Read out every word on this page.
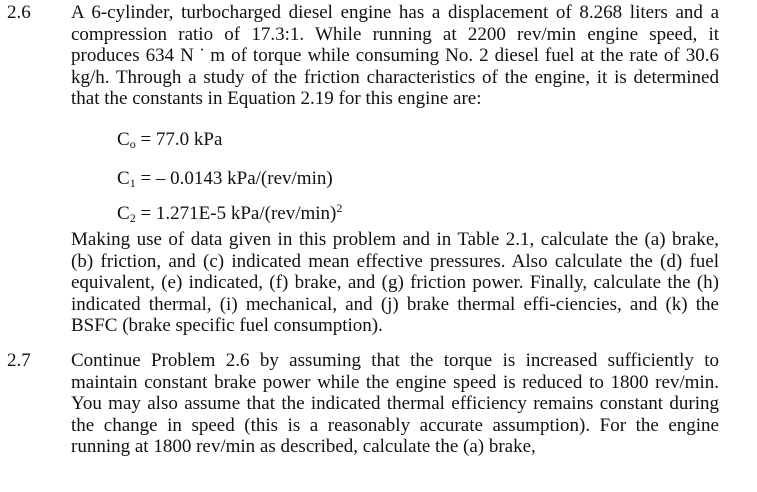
2.6 A 6-cylinder, turbocharged diesel engine has a displacement of 8.268 liters and a compression ratio of 17.3:1. While running at 2200 rev/min engine speed, it produces 634 N ˙ m of torque while consuming No. 2 diesel fuel at the rate of 30.6 kg/h. Through a study of the friction characteristics of the engine, it is determined that the constants in Equation 2.19 for this engine are:

$C_o = 77.0$ kPa
$C_1$ = – 0.0143 kPa/(rev/min)
$C_2 = 1.271E-5$ kPa/$(rev/\min)^2$

Making use of data given in this problem and in Table 2.1, calculate the (a) brake, (b) friction, and (c) indicated mean effective pressures. Also calculate the (d) fuel equivalent, (e) indicated, (f) brake, and (g) friction power. Finally, calculate the (h) indicated thermal, (i) mechanical, and (j) brake thermal effi-ciencies, and (k) the BSFC (brake specific fuel consumption).

2.7 Continue Problem 2.6 by assuming that the torque is increased sufficiently to maintain constant brake power while the engine speed is reduced to 1800 rev/min. You may also assume that the indicated thermal efficiency remains constant during the change in speed (this is a reasonably accurate assumption). For the engine running at 1800 rev/min as described, calculate the (a) brake,
